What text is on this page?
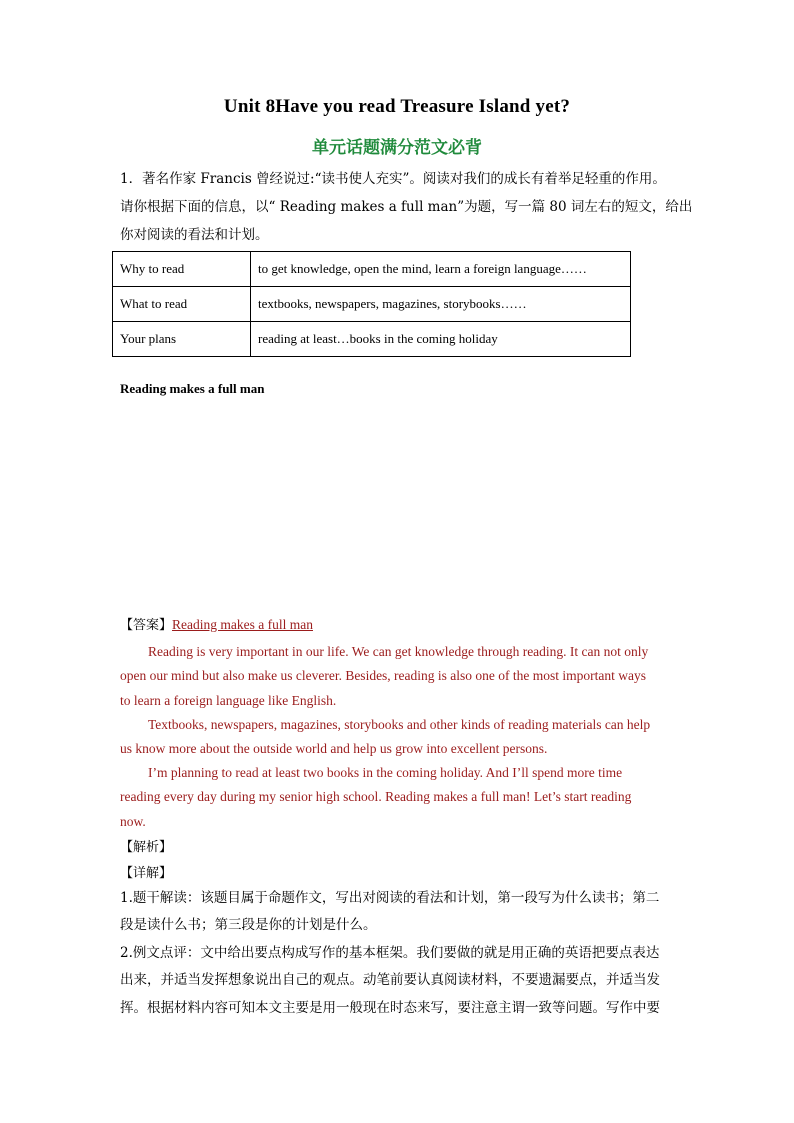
Unit 8Have you read Treasure Island yet?
单元话题满分范文必背
1．著名作家 Francis 曾经说过:“读书使人充实”。阅读对我们的成长有着举足轻重的作用。
请你根据下面的信息，以“ Reading makes a full man”为题，写一篇 80 词左右的短文，给出
你对阅读的看法和计划。
Why to read	to get knowledge, open the mind, learn a foreign language……
What to read	textbooks, newspapers, magazines, storybooks……
Your plans	reading at least…books in the coming holiday
Reading makes a full man
【答案】Reading makes a full man
Reading is very important in our life. We can get knowledge through reading. It can not only
open our mind but also make us cleverer. Besides, reading is also one of the most important ways
to learn a foreign language like English.
Textbooks, newspapers, magazines, storybooks and other kinds of reading materials can help
us know more about the outside world and help us grow into excellent persons.
I’m planning to read at least two books in the coming holiday. And I’ll spend more time
reading every day during my senior high school. Reading makes a full man! Let’s start reading
now.
【解析】
【详解】
1.题干解读：该题目属于命题作文，写出对阅读的看法和计划，第一段写为什么读书；第二
段是读什么书；第三段是你的计划是什么。
2.例文点评：文中给出要点构成写作的基本框架。我们要做的就是用正确的英语把要点表达
出来，并适当发挥想象说出自己的观点。动笔前要认真阅读材料，不要遗漏要点，并适当发
挥。根据材料内容可知本文主要是用一般现在时态来写，要注意主谓一致等问题。写作中要
